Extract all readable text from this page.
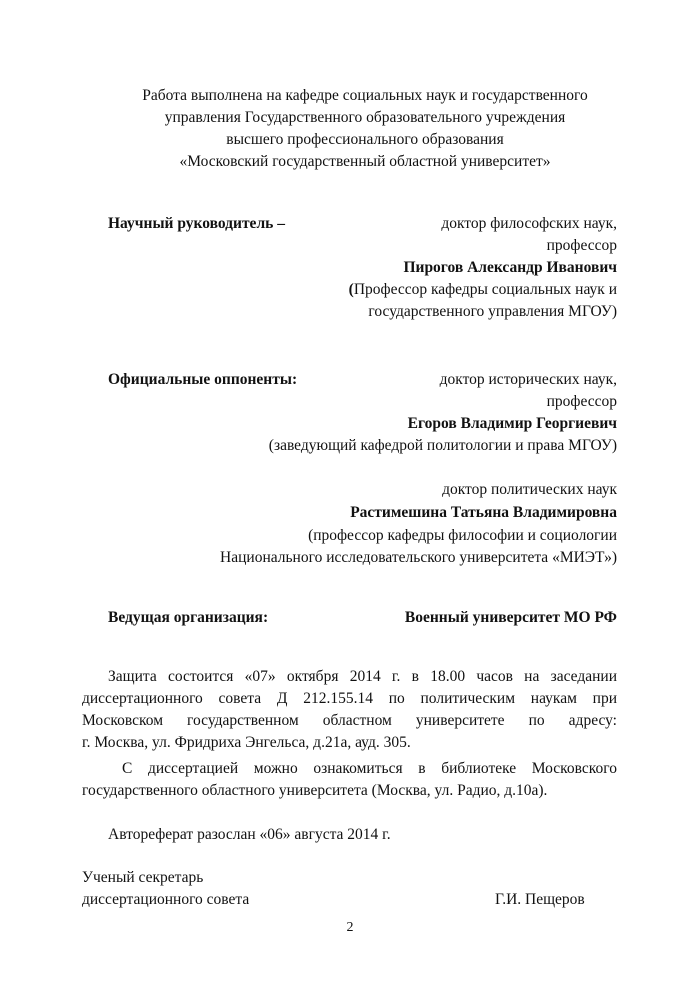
Работа выполнена на кафедре социальных наук и государственного
управления Государственного образовательного учреждения
высшего профессионального образования
«Московский государственный областной университет»
Научный руководитель –	доктор философских наук,
профессор
Пирогов Александр Иванович
(Профессор кафедры социальных наук и
государственного управления МГОУ)
Официальные оппоненты:	доктор исторических наук,
профессор
Егоров Владимир Георгиевич
(заведующий кафедрой политологии и права МГОУ)
доктор политических наук
Растимешина Татьяна Владимировна
(профессор кафедры философии и социологии
Национального исследовательского университета «МИЭТ»)
Ведущая организация:	Военный университет МО РФ
Защита состоится «07» октября 2014 г. в 18.00 часов на заседании
диссертационного совета Д 212.155.14 по политическим наукам при
Московском государственном областном университете по адресу:
г. Москва, ул. Фридриха Энгельса, д.21а, ауд. 305.
С диссертацией можно ознакомиться в библиотеке Московского
государственного областного университета (Москва, ул. Радио, д.10а).
Автореферат разослан «06» августа 2014 г.
Ученый секретарь
диссертационного совета	Г.И. Пещеров
2
